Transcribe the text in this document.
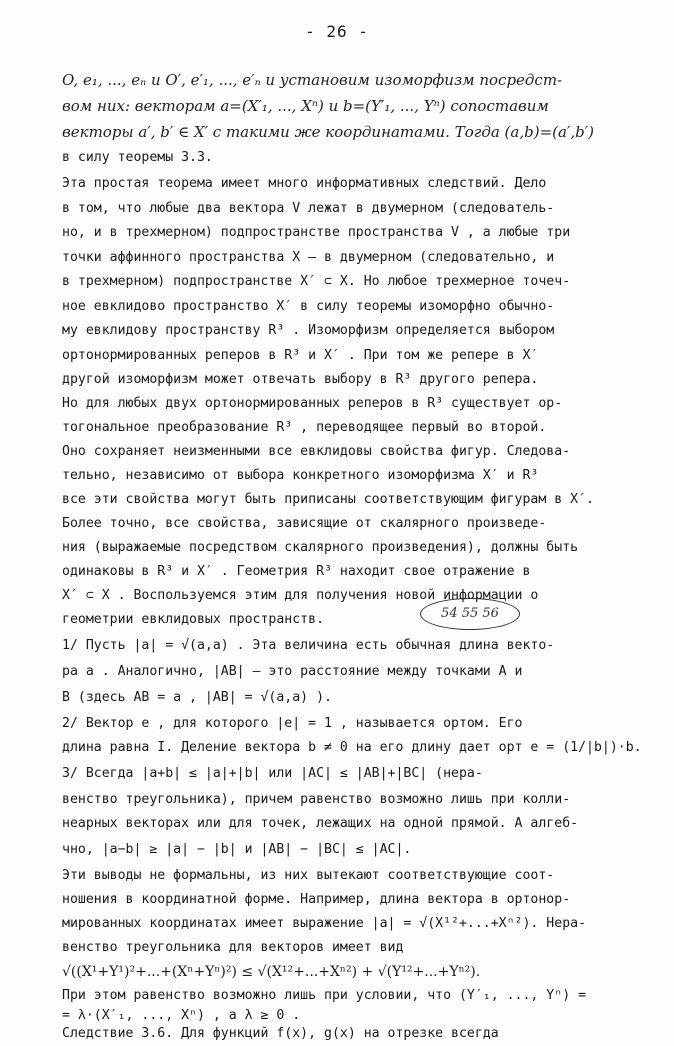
- 26 -
O, e₁, ..., eₙ и O′, e′₁, ..., e′ₙ и установим изоморфизм посредст-
вом них: векторам a=(X′₁, ..., Xⁿ) и b=(Y′₁, ..., Yⁿ) сопоставим
векторы a′, b′ ∈ X′ с такими же координатами. Тогда (a,b)=(a′,b′)
в силу теоремы 3.3.
Эта простая теорема имеет много информативных следствий. Дело
в том, что любые два вектора V лежат в двумерном (следователь-
но, и в трехмерном) подпространстве пространства V , а любые три
точки аффинного пространства X – в двумерном (следовательно, и
в трехмерном) подпространстве X′ ⊂ X. Но любое трехмерное точеч-
ное евклидово пространство X′ в силу теоремы изоморфно обычно-
му евклидову пространству R³ . Изоморфизм определяется выбором
ортонормированных реперов в R³ и X′ . При том же репере в X′
другой изоморфизм может отвечать выбору в R³ другого репера.
Но для любых двух ортонормированных реперов в R³ существует ор-
тогональное преобразование R³ , переводящее первый во второй.
Оно сохраняет неизменными все евклидовы свойства фигур. Следова-
тельно, независимо от выбора конкретного изоморфизма X′ и R³
все эти свойства могут быть приписаны соответствующим фигурам в X′.
Более точно, все свойства, зависящие от скалярного произведе-
ния (выражаемые посредством скалярного произведения), должны быть
одинаковы в R³ и X′ . Геометрия R³ находит свое отражение в
X′ ⊂ X . Воспользуемся этим для получения новой информации о
геометрии евклидовых пространств.	54 55 56
1/ Пусть |a| = √(a,a) . Эта величина есть обычная длина векто-
ра a . Аналогично, |AB| – это расстояние между точками A и
B (здесь AB = a , |AB| = √(a,a) ).
2/ Вектор e , для которого |e| = 1 , называется ортом. Его
длина равна I. Деление вектора b ≠ 0 на его длину дает орт e = (1/|b|)·b.
3/ Всегда |a+b| ≤ |a|+|b| или |AC| ≤ |AB|+|BC| (нера-
венство треугольника), причем равенство возможно лишь при колли-
неарных векторах или для точек, лежащих на одной прямой. А алгеб-
чно, |a−b| ≥ |a| − |b| и |AB| − |BC| ≤ |AC|.
Эти выводы не формальны, из них вытекают соответствующие соот-
ношения в координатной форме. Например, длина вектора в ортонор-
мированных координатах имеет выражение |a| = √(X¹²+...+Xⁿ²). Нера-
венство треугольника для векторов имеет вид
√((X¹+Y¹)²+...+(Xⁿ+Yⁿ)²) ≤ √(X¹²+...+Xⁿ²) + √(Y¹²+...+Yⁿ²).
При этом равенство возможно лишь при условии, что (Y′₁, ..., Yⁿ) =
= λ·(X′₁, ..., Xⁿ) , а λ ≥ 0 .
Следствие 3.6. Для функций f(x), g(x) на отрезке всегда
